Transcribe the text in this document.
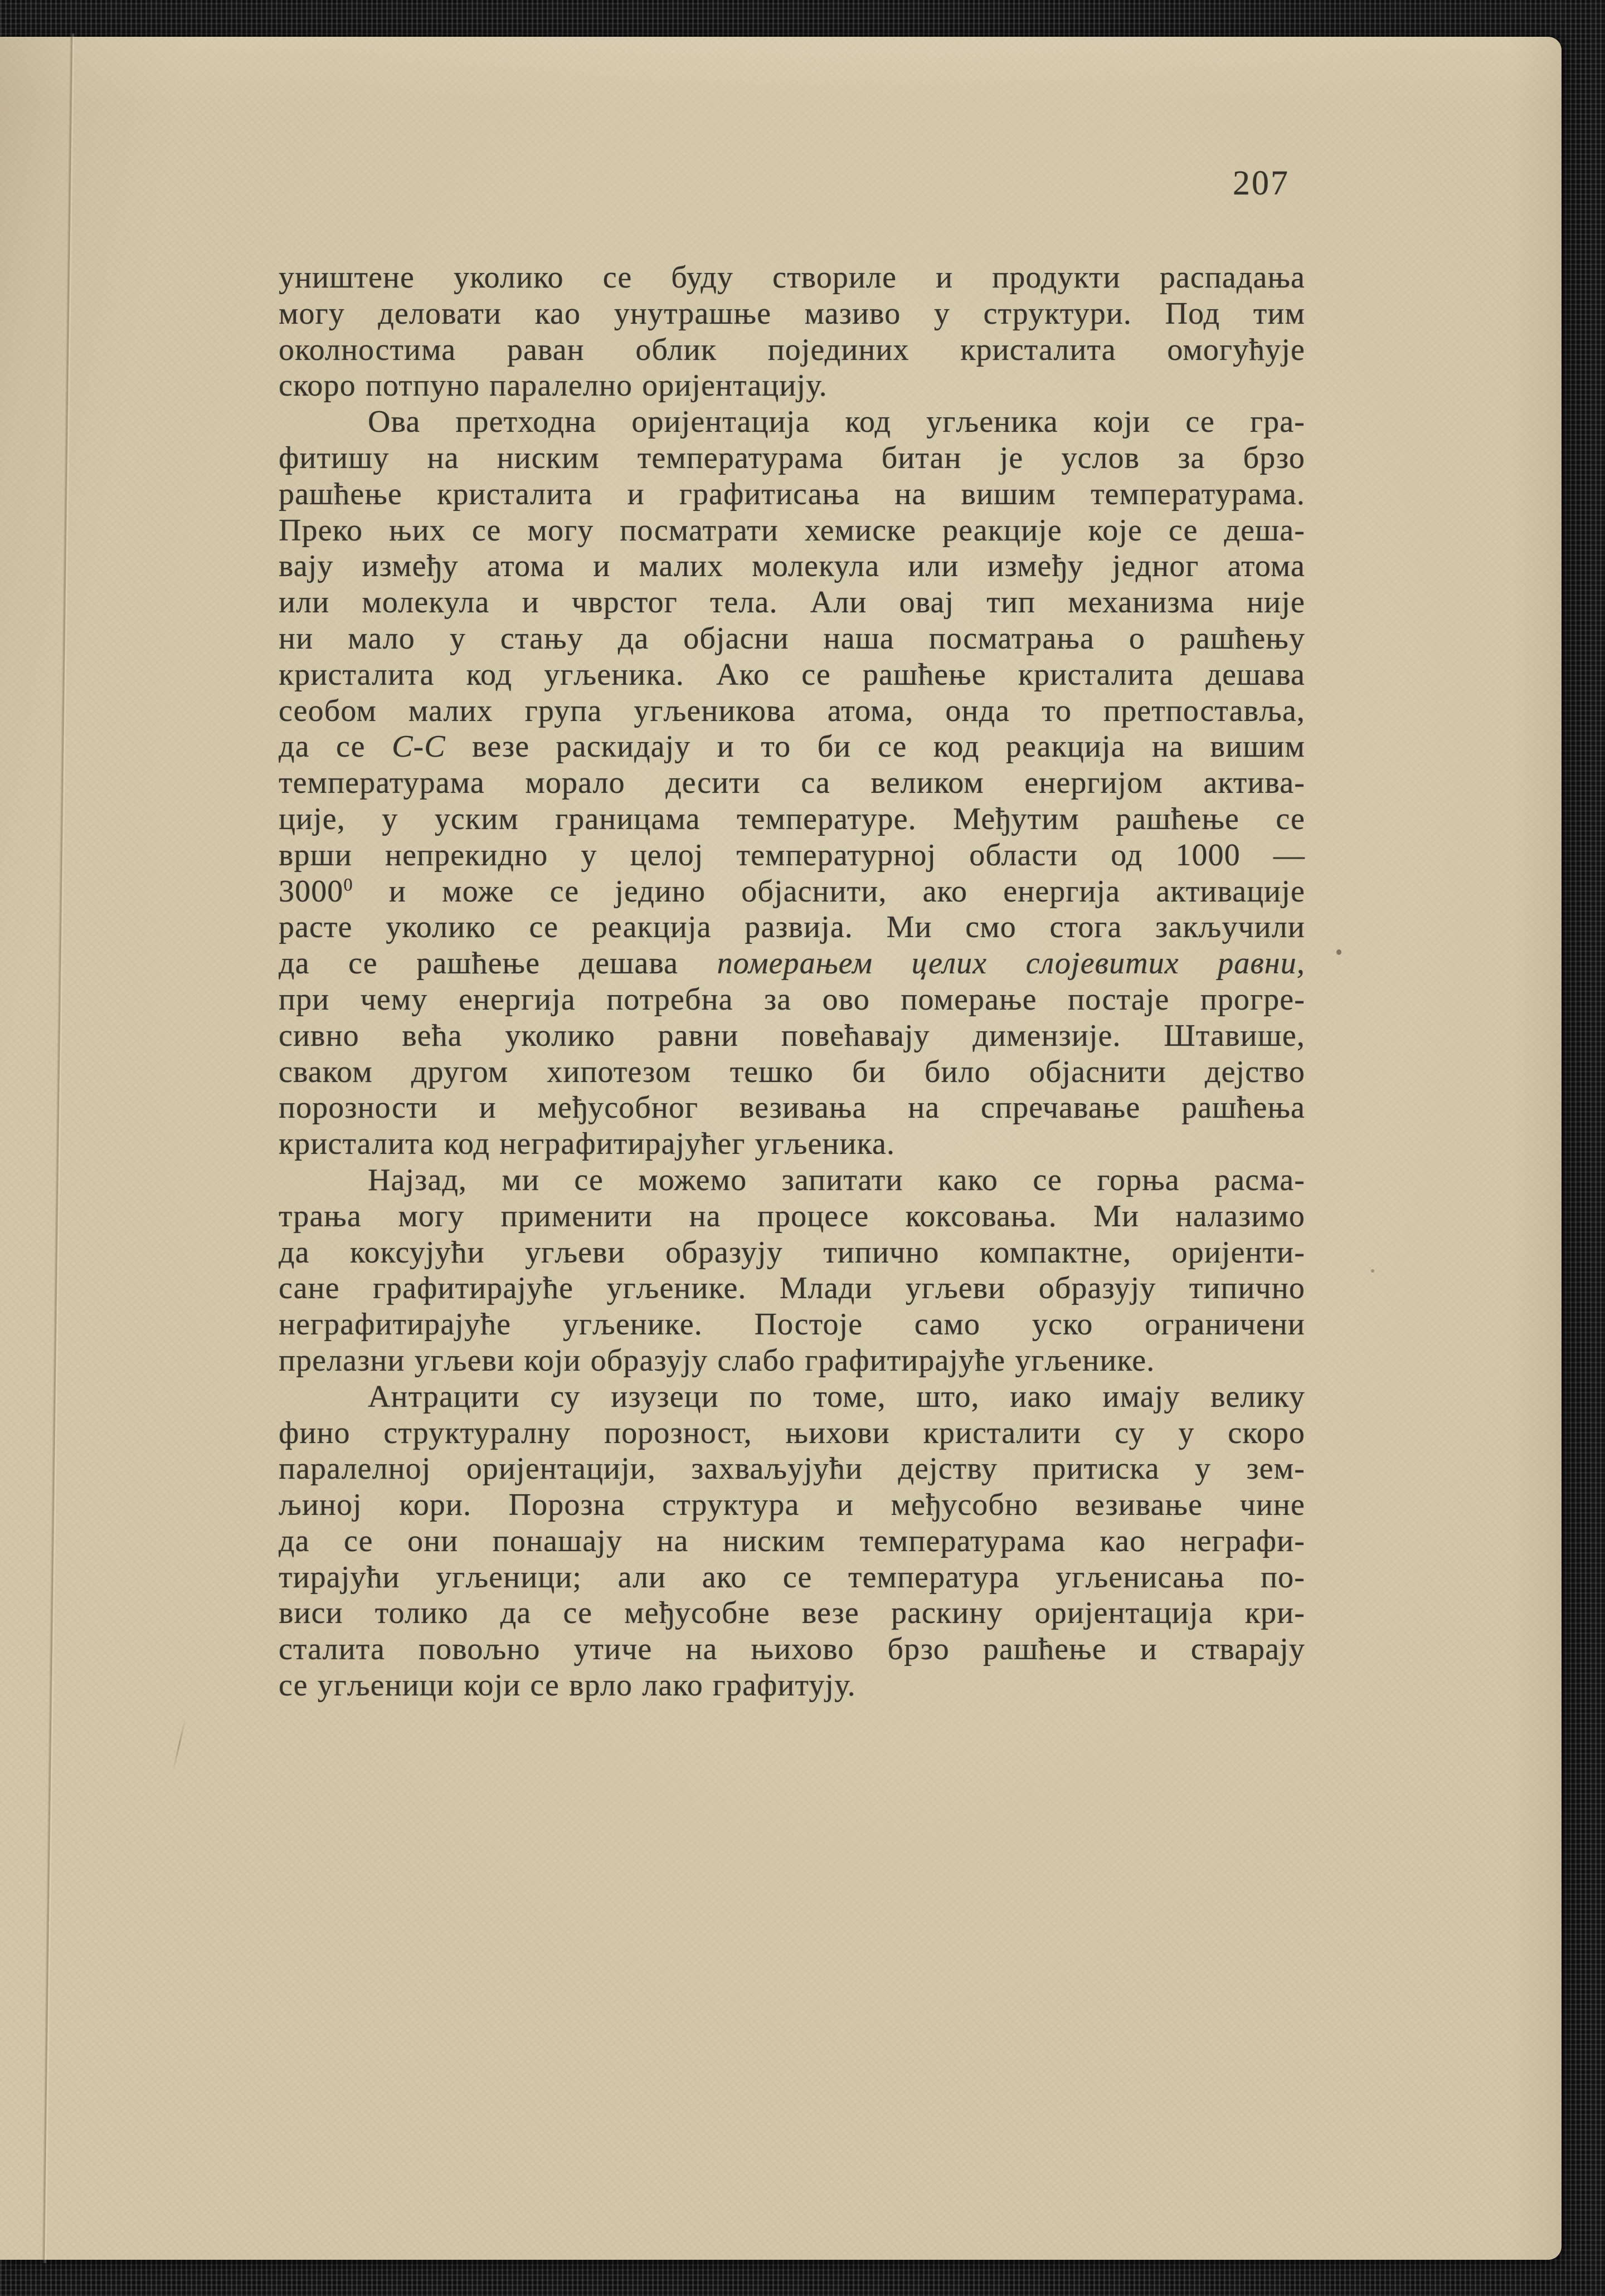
207
уништене уколико се буду створиле и продукти распадања
могу деловати као унутрашње мазиво у структури. Под тим
околностима раван облик појединих кристалита омогућује
скоро потпуно паралелно оријентацију.
Ова претходна оријентација код угљеника који се гра-
фитишу на ниским температурама битан је услов за брзо
рашћење кристалита и графитисања на вишим температурама.
Преко њих се могу посматрати хемиске реакције које се деша-
вају између атома и малих молекула или између једног атома
или молекула и чврстог тела. Али овај тип механизма није
ни мало у стању да објасни наша посматрања о рашћењу
кристалита код угљеника. Ако се рашћење кристалита дешава
сеобом малих група угљеникова атома, онда то претпоставља,
да се C-C везе раскидају и то би се код реакција на вишим
температурама морало десити са великом енергијом актива-
ције, у уским границама температуре. Међутим рашћење се
врши непрекидно у целој температурној области од 1000 —
3000$^0$ и може се једино објаснити, ако енергија активације
расте уколико се реакција развија. Ми смо стога закључили
да се рашћење дешава померањем целих слојевитих равни,
при чему енергија потребна за ово померање постаје прогре-
сивно већа уколико равни повећавају димензије. Штавише,
сваком другом хипотезом тешко би било објаснити дејство
порозности и међусобног везивања на спречавање рашћења
кристалита код неграфитирајућег угљеника.
Најзад, ми се можемо запитати како се горња расма-
трања могу применити на процесе коксовања. Ми налазимо
да коксујући угљеви образују типично компактне, оријенти-
сане графитирајуће угљенике. Млади угљеви образују типично
неграфитирајуће угљенике. Постоје само уско ограничени
прелазни угљеви који образују слабо графитирајуће угљенике.
Антрацити су изузеци по томе, што, иако имају велику
фино структуралну порозност, њихови кристалити су у скоро
паралелној оријентацији, захваљујући дејству притиска у зем-
љиној кори. Порозна структура и међусобно везивање чине
да се они понашају на ниским температурама као неграфи-
тирајући угљеници; али ако се температура угљенисања по-
виси толико да се међусобне везе раскину оријентација кри-
сталита повољно утиче на њихово брзо рашћење и стварају
се угљеници који се врло лако графитују.
